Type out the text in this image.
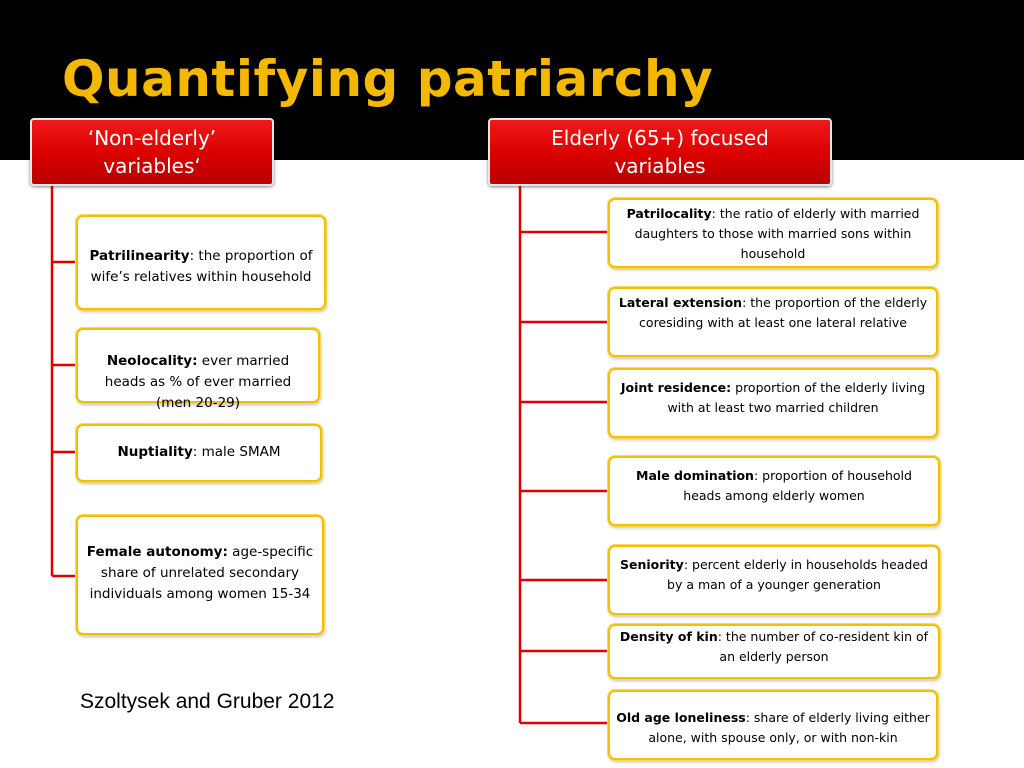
Quantifying patriarchy
‘Non-elderly’
variables‘
Elderly (65+) focused
variables

Patrilinearity: the proportion of wife’s relatives within household

Neolocality: ever married heads as % of ever married (men 20-29)

Nuptiality: male SMAM

Female autonomy: age-specific share of unrelated secondary individuals among women 15-34

Patrilocality: the ratio of elderly with married daughters to those with married sons within household

Lateral extension: the proportion of the elderly coresiding with at least one lateral relative

Joint residence: proportion of the elderly living with at least two married children

Male domination: proportion of household heads among elderly women

Seniority: percent elderly in households headed by a man of a younger generation

Density of kin: the number of co-resident kin of an elderly person

Old age loneliness: share of elderly living either alone, with spouse only, or with non-kin

Szoltysek and Gruber 2012
